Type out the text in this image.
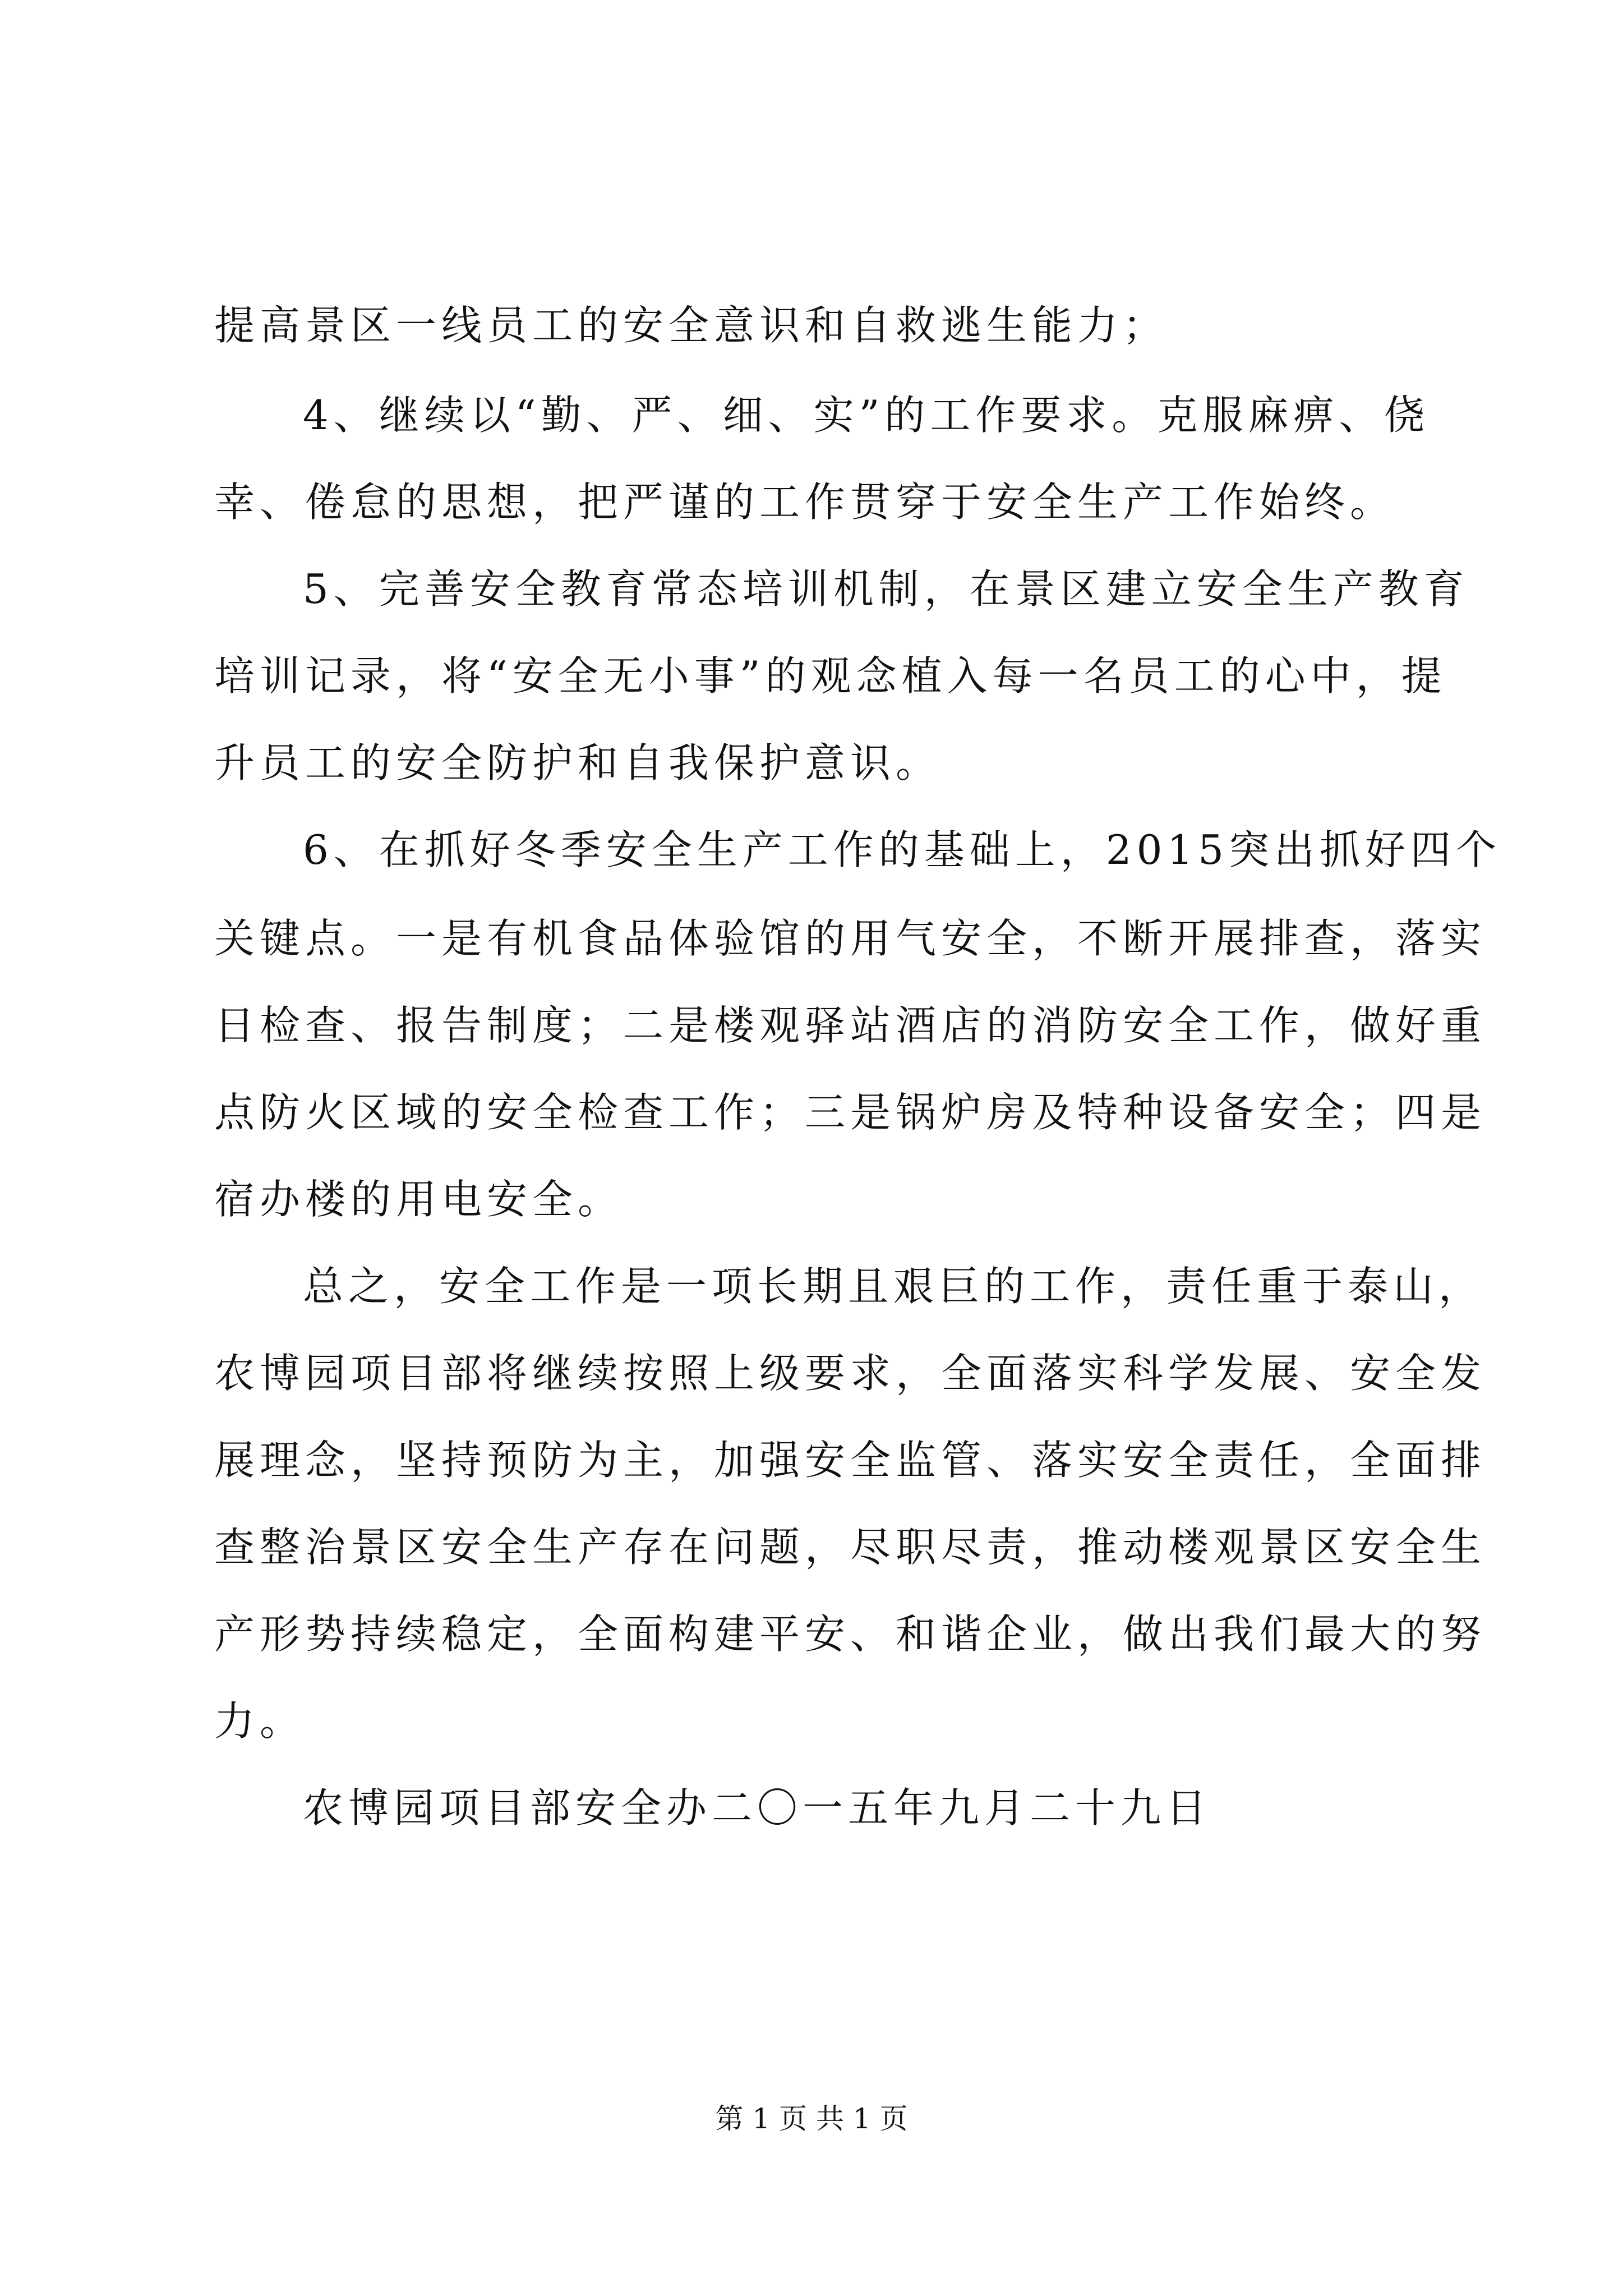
提高景区一线员工的安全意识和自救逃生能力；
4、继续以“勤、严、细、实”的工作要求。克服麻痹、侥
幸、倦怠的思想，把严谨的工作贯穿于安全生产工作始终。
5、完善安全教育常态培训机制，在景区建立安全生产教育
培训记录，将“安全无小事”的观念植入每一名员工的心中，提
升员工的安全防护和自我保护意识。
6、在抓好冬季安全生产工作的基础上，2015突出抓好四个
关键点。一是有机食品体验馆的用气安全，不断开展排查，落实
日检查、报告制度；二是楼观驿站酒店的消防安全工作，做好重
点防火区域的安全检查工作；三是锅炉房及特种设备安全；四是
宿办楼的用电安全。
总之，安全工作是一项长期且艰巨的工作，责任重于泰山，
农博园项目部将继续按照上级要求，全面落实科学发展、安全发
展理念，坚持预防为主，加强安全监管、落实安全责任，全面排
查整治景区安全生产存在问题，尽职尽责，推动楼观景区安全生
产形势持续稳定，全面构建平安、和谐企业，做出我们最大的努
力。
农博园项目部安全办二〇一五年九月二十九日
第 1 页 共 1 页
